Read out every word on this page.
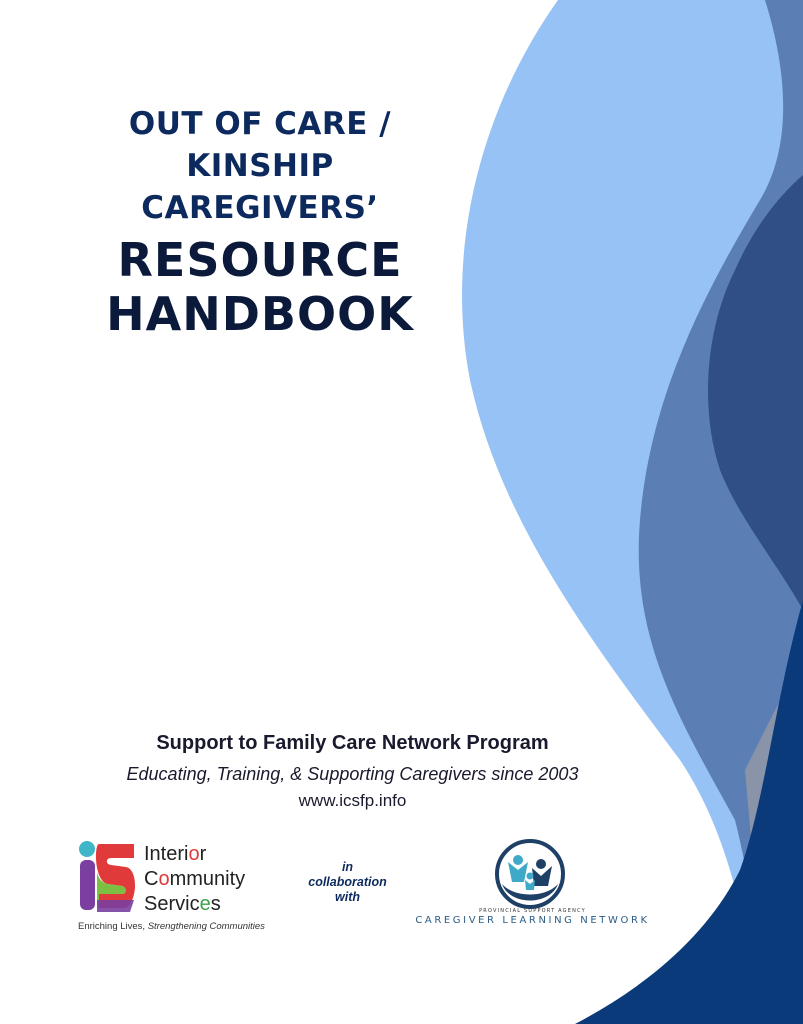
OUT OF CARE /
KINSHIP
CAREGIVERS’
RESOURCE
HANDBOOK
Support to Family Care Network Program
Educating, Training, & Supporting Caregivers since 2003
www.icsfp.info
Interior
Community
Services
Enriching Lives, Strengthening Communities
in
collaboration
with
PROVINCIAL SUPPORT AGENCY
CAREGIVER LEARNING NETWORK
